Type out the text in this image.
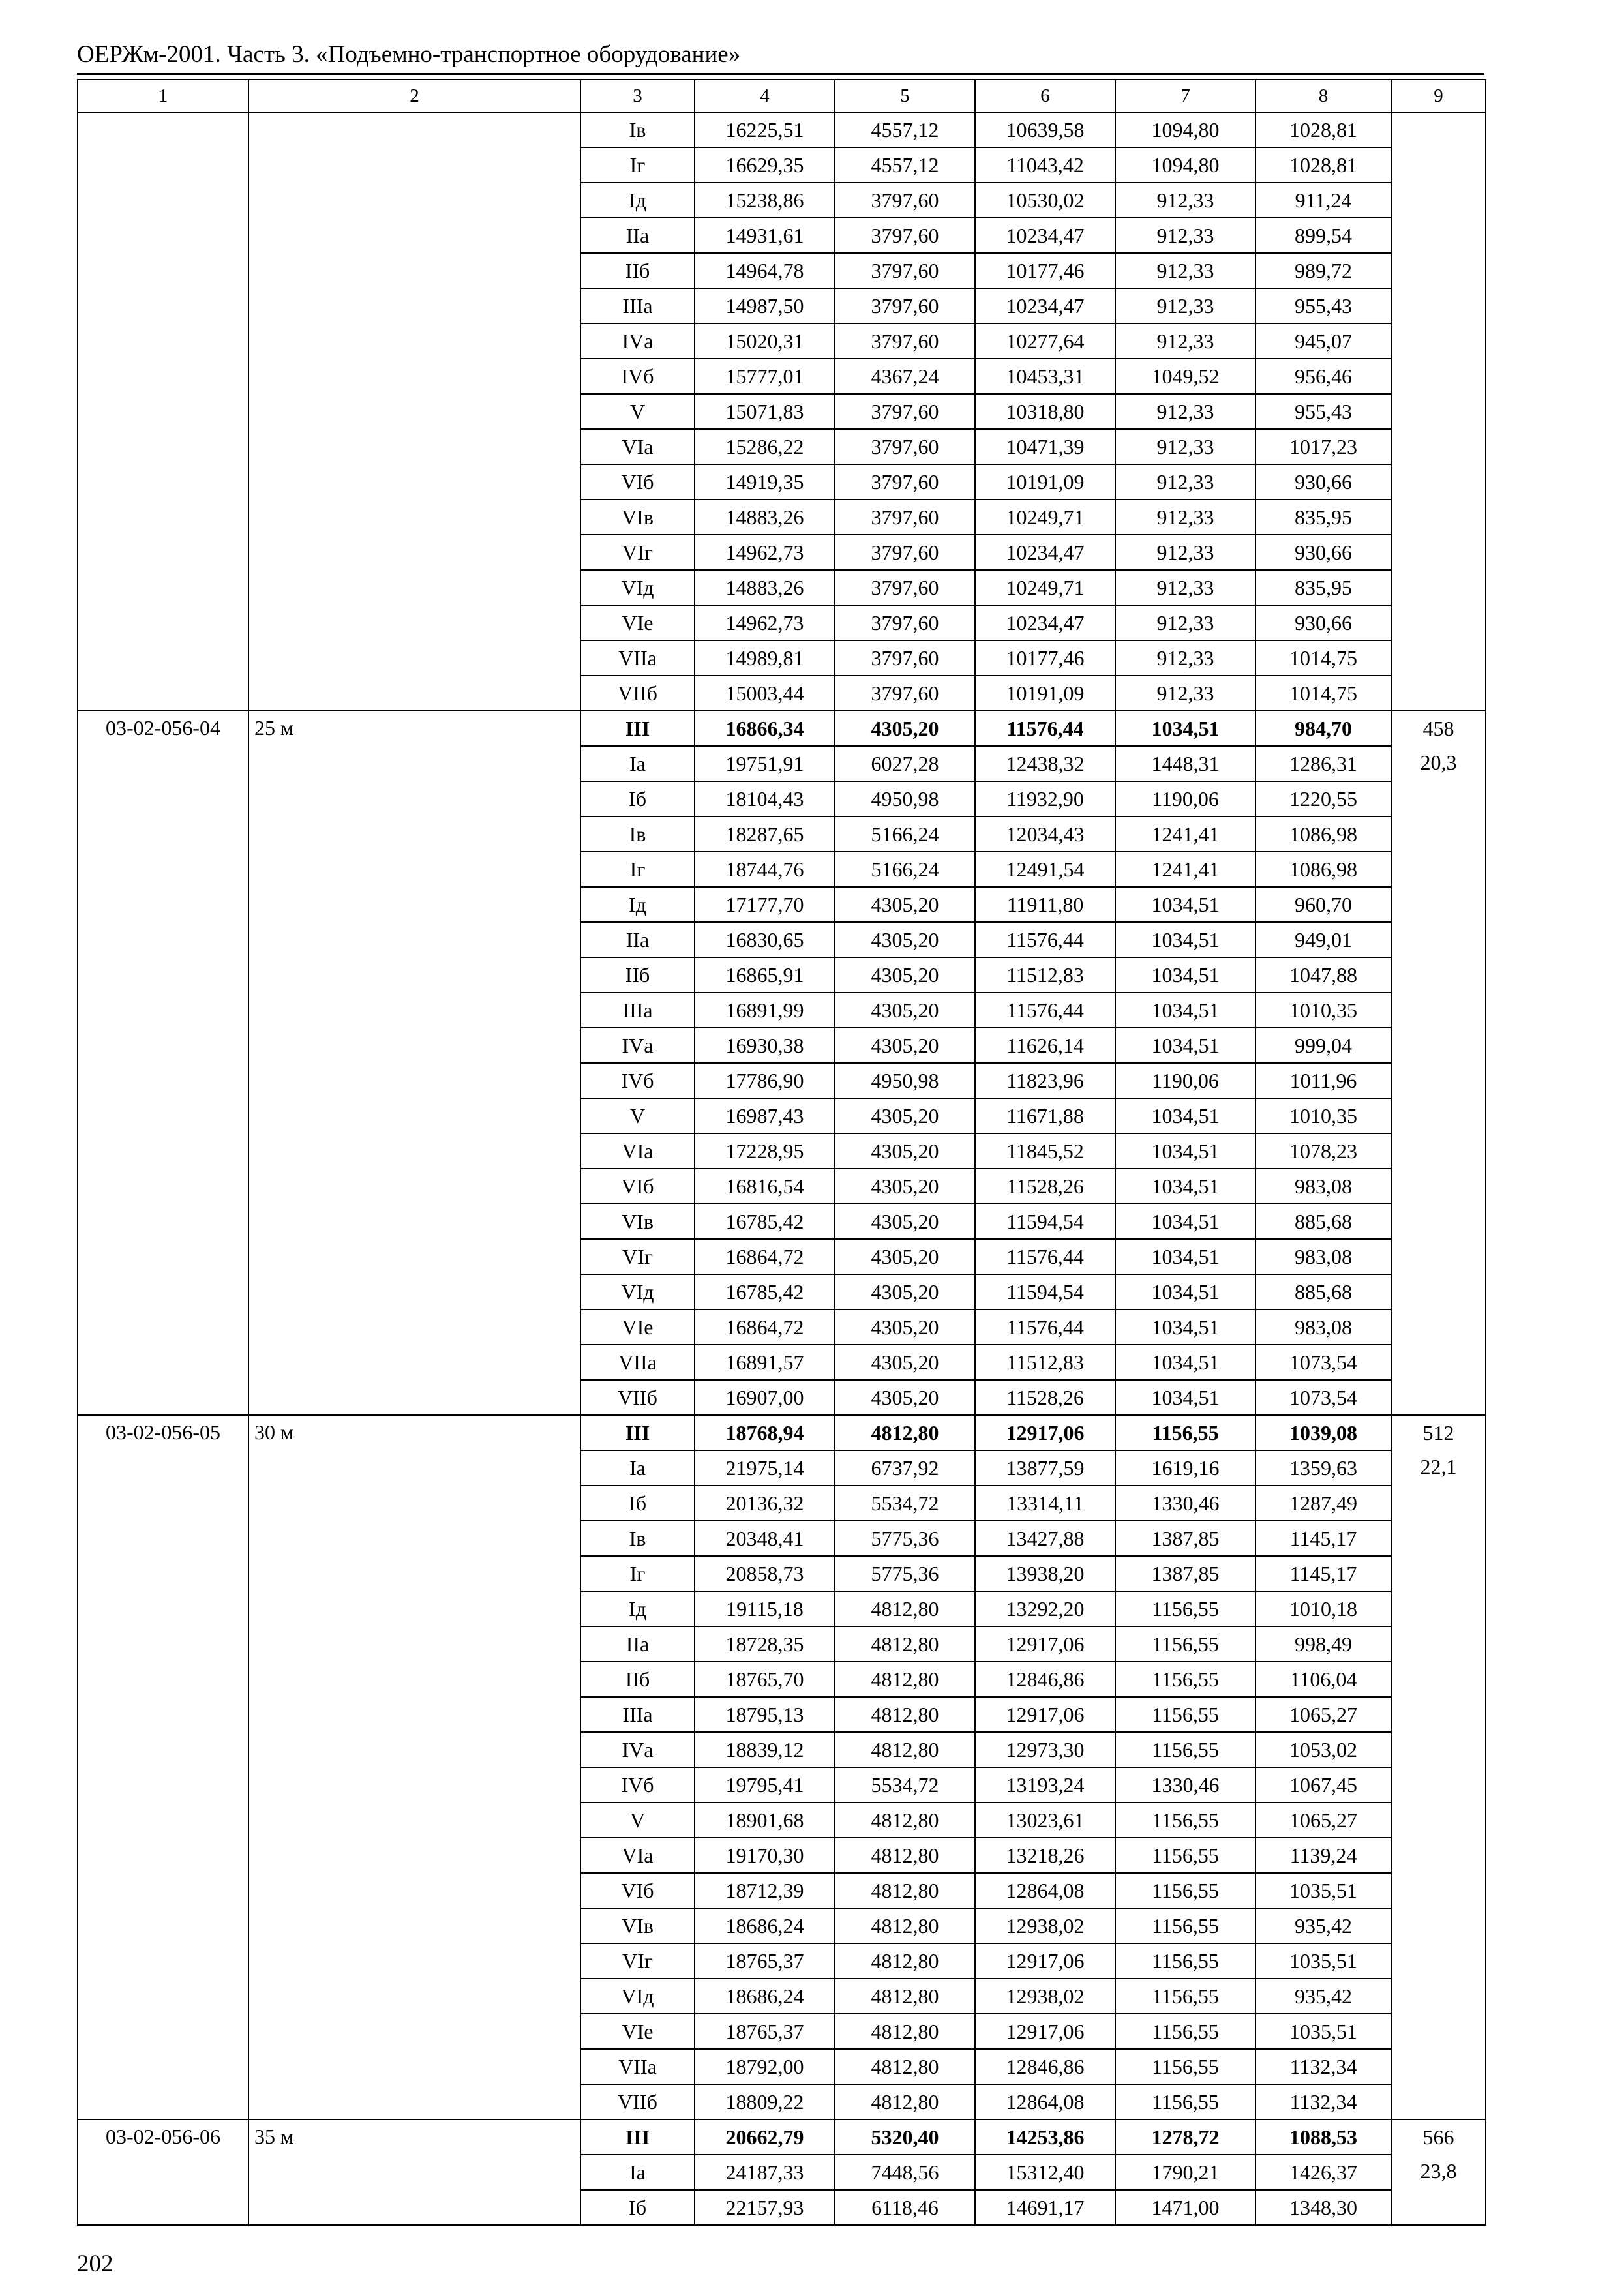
ОЕРЖм-2001. Часть 3. «Подъемно-транспортное оборудование»
1	2	3	4	5	6	7	8	9
		Iв	16225,51	4557,12	10639,58	1094,80	1028,81	
		Iг	16629,35	4557,12	11043,42	1094,80	1028,81	
		Iд	15238,86	3797,60	10530,02	912,33	911,24	
		IIа	14931,61	3797,60	10234,47	912,33	899,54	
		IIб	14964,78	3797,60	10177,46	912,33	989,72	
		IIIа	14987,50	3797,60	10234,47	912,33	955,43	
		IVа	15020,31	3797,60	10277,64	912,33	945,07	
		IVб	15777,01	4367,24	10453,31	1049,52	956,46	
		V	15071,83	3797,60	10318,80	912,33	955,43	
		VIа	15286,22	3797,60	10471,39	912,33	1017,23	
		VIб	14919,35	3797,60	10191,09	912,33	930,66	
		VIв	14883,26	3797,60	10249,71	912,33	835,95	
		VIг	14962,73	3797,60	10234,47	912,33	930,66	
		VIд	14883,26	3797,60	10249,71	912,33	835,95	
		VIе	14962,73	3797,60	10234,47	912,33	930,66	
		VIIа	14989,81	3797,60	10177,46	912,33	1014,75	
		VIIб	15003,44	3797,60	10191,09	912,33	1014,75	
03-02-056-04	25 м	III	16866,34	4305,20	11576,44	1034,51	984,70	458
20,3

		Iа	19751,91	6027,28	12438,32	1448,31	1286,31	
		Iб	18104,43	4950,98	11932,90	1190,06	1220,55	
		Iв	18287,65	5166,24	12034,43	1241,41	1086,98	
		Iг	18744,76	5166,24	12491,54	1241,41	1086,98	
		Iд	17177,70	4305,20	11911,80	1034,51	960,70	
		IIа	16830,65	4305,20	11576,44	1034,51	949,01	
		IIб	16865,91	4305,20	11512,83	1034,51	1047,88	
		IIIа	16891,99	4305,20	11576,44	1034,51	1010,35	
		IVа	16930,38	4305,20	11626,14	1034,51	999,04	
		IVб	17786,90	4950,98	11823,96	1190,06	1011,96	
		V	16987,43	4305,20	11671,88	1034,51	1010,35	
		VIа	17228,95	4305,20	11845,52	1034,51	1078,23	
		VIб	16816,54	4305,20	11528,26	1034,51	983,08	
		VIв	16785,42	4305,20	11594,54	1034,51	885,68	
		VIг	16864,72	4305,20	11576,44	1034,51	983,08	
		VIд	16785,42	4305,20	11594,54	1034,51	885,68	
		VIе	16864,72	4305,20	11576,44	1034,51	983,08	
		VIIа	16891,57	4305,20	11512,83	1034,51	1073,54	
		VIIб	16907,00	4305,20	11528,26	1034,51	1073,54	
03-02-056-05	30 м	III	18768,94	4812,80	12917,06	1156,55	1039,08	512
22,1

		Iа	21975,14	6737,92	13877,59	1619,16	1359,63	
		Iб	20136,32	5534,72	13314,11	1330,46	1287,49	
		Iв	20348,41	5775,36	13427,88	1387,85	1145,17	
		Iг	20858,73	5775,36	13938,20	1387,85	1145,17	
		Iд	19115,18	4812,80	13292,20	1156,55	1010,18	
		IIа	18728,35	4812,80	12917,06	1156,55	998,49	
		IIб	18765,70	4812,80	12846,86	1156,55	1106,04	
		IIIа	18795,13	4812,80	12917,06	1156,55	1065,27	
		IVа	18839,12	4812,80	12973,30	1156,55	1053,02	
		IVб	19795,41	5534,72	13193,24	1330,46	1067,45	
		V	18901,68	4812,80	13023,61	1156,55	1065,27	
		VIа	19170,30	4812,80	13218,26	1156,55	1139,24	
		VIб	18712,39	4812,80	12864,08	1156,55	1035,51	
		VIв	18686,24	4812,80	12938,02	1156,55	935,42	
		VIг	18765,37	4812,80	12917,06	1156,55	1035,51	
		VIд	18686,24	4812,80	12938,02	1156,55	935,42	
		VIе	18765,37	4812,80	12917,06	1156,55	1035,51	
		VIIа	18792,00	4812,80	12846,86	1156,55	1132,34	
		VIIб	18809,22	4812,80	12864,08	1156,55	1132,34	
03-02-056-06	35 м	III	20662,79	5320,40	14253,86	1278,72	1088,53	566
23,8

		Iа	24187,33	7448,56	15312,40	1790,21	1426,37	
		Iб	22157,93	6118,46	14691,17	1471,00	1348,30	
202
